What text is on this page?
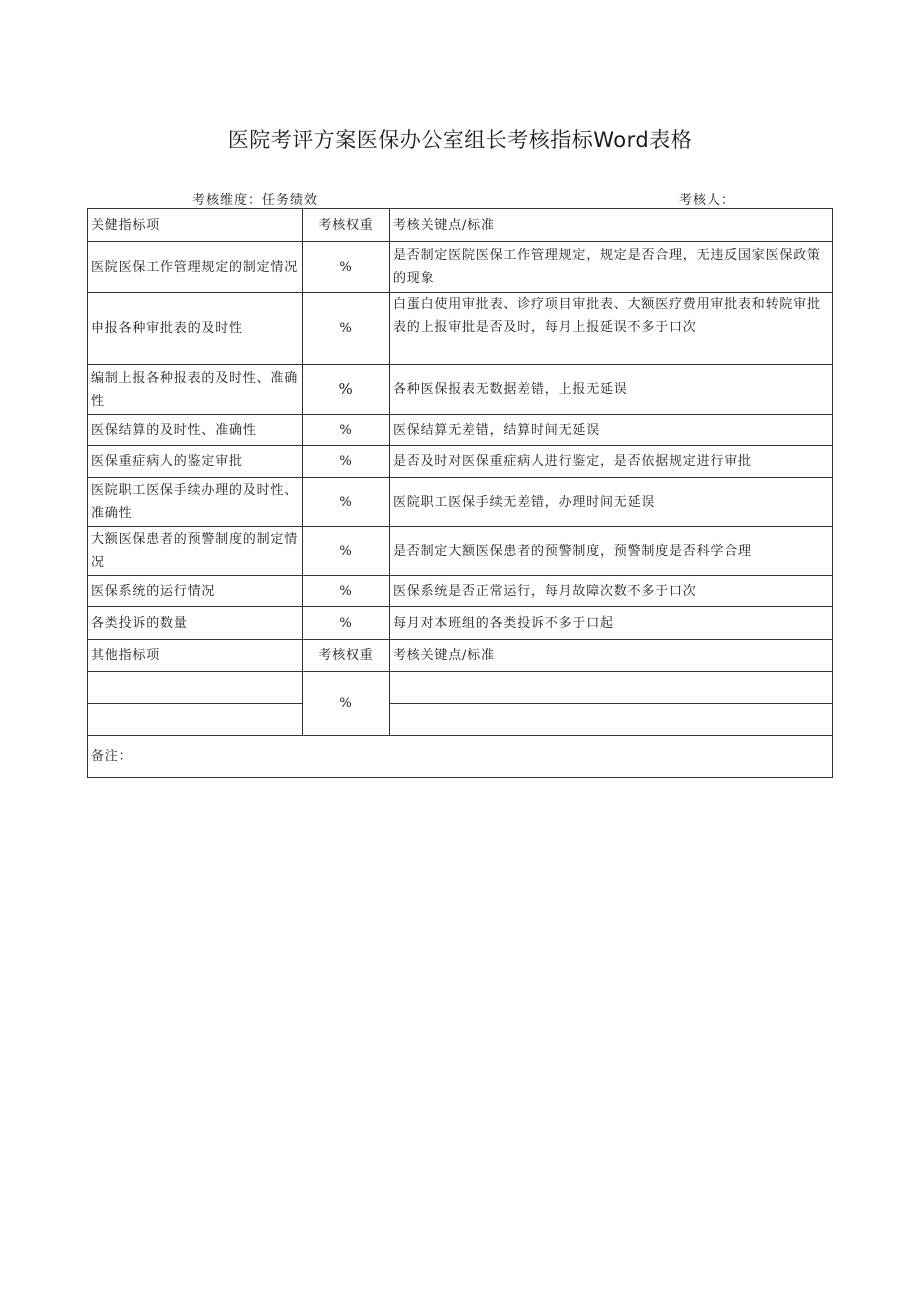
医院考评方案医保办公室组长考核指标Word表格
考核维度：任务绩效	考核人：
关健指标项	考核权重	考核关键点/标准
医院医保工作管理规定的制定情况	%	是否制定医院医保工作管理规定，规定是否合理，无违反国家医保政策的现象
申报各种审批表的及时性	%	白蛋白使用审批表、诊疗项目审批表、大额医疗费用审批表和转院审批表的上报审批是否及时，每月上报延误不多于口次
编制上报各种报表的及时性、准确性	%	各种医保报表无数据差错，上报无延误
医保结算的及时性、准确性	%	医保结算无差错，结算时间无延误
医保重症病人的鉴定审批	%	是否及时对医保重症病人进行鉴定，是否依据规定进行审批
医院职工医保手续办理的及时性、准确性	%	医院职工医保手续无差错，办理时间无延误
大额医保患者的预警制度的制定情况	%	是否制定大额医保患者的预警制度，预警制度是否科学合理
医保系统的运行情况	%	医保系统是否正常运行，每月故障次数不多于口次
各类投诉的数量	%	每月对本班组的各类投诉不多于口起
其他指标项	考核权重	考核关键点/标准
	%	

备注：		
